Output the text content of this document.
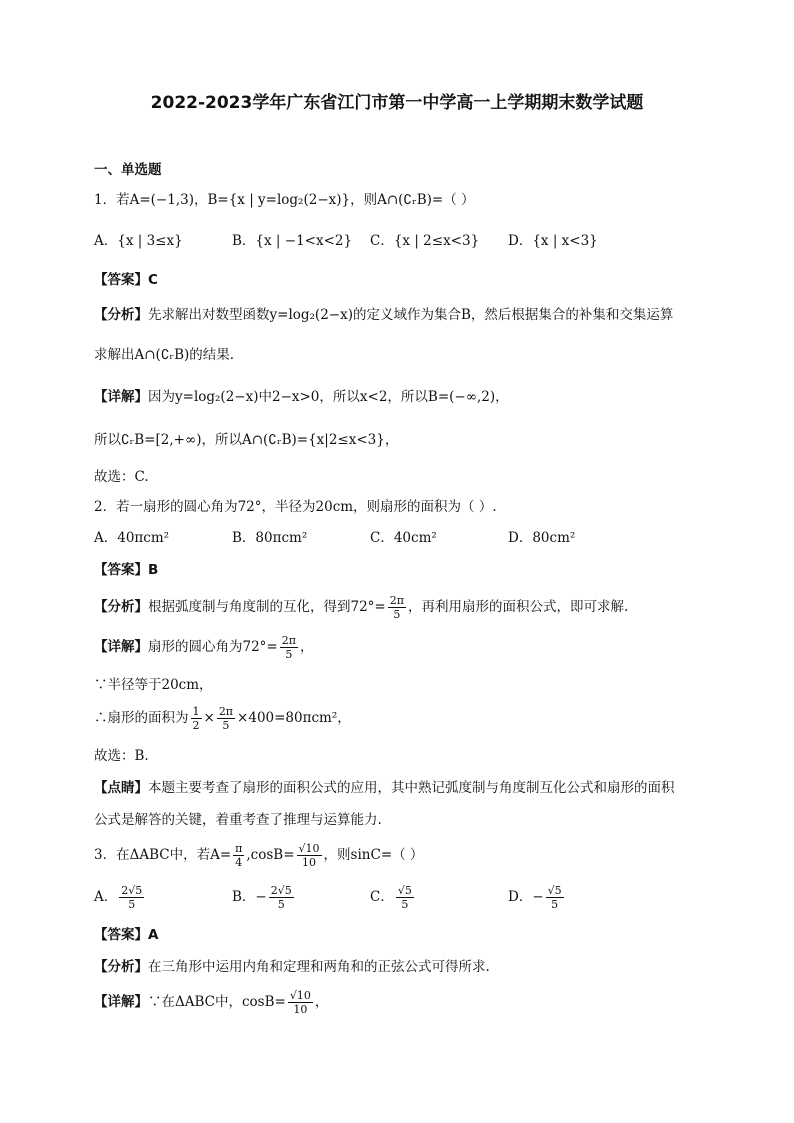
2022-2023学年广东省江门市第一中学高一上学期期末数学试题
一、单选题
1．若A=(−1,3)，B={x | y=log₂(2−x)}，则A∩(∁ᵣB)=（ ）
A．{x | 3≤x}	B．{x | −1<x<2} C．{x | 2≤x<3} D．{x | x<3}
【答案】C
【分析】先求解出对数型函数y=log₂(2−x)的定义域作为集合B，然后根据集合的补集和交集运算
求解出A∩(∁ᵣB)的结果.
【详解】因为y=log₂(2−x)中2−x>0，所以x<2，所以B=(−∞,2)，
所以∁ᵣB=[2,+∞)，所以A∩(∁ᵣB)={x|2≤x<3}，
故选：C.
2．若一扇形的圆心角为72°，半径为20cm，则扇形的面积为（ ）.
A．40πcm²	B．80πcm²	C．40cm²	D．80cm²
【答案】B
【分析】根据弧度制与角度制的互化，得到$72^\circ= \frac{2\pi}{5}$ ，再利用扇形的面积公式，即可求解.
【详解】扇形的圆心角为$72^\circ= \frac{2\pi}{5}$ ，
∵半径等于20cm，
∴扇形的面积为 $\frac{1}{2} \times \frac{2\pi}{5} \times 400=80\pi cm^2$，
故选：B.
【点睛】本题主要考查了扇形的面积公式的应用，其中熟记弧度制与角度制互化公式和扇形的面积
公式是解答的关键，着重考查了推理与运算能力.
3．在ΔABC中，若$A= \frac{\pi}{4} ,\cos B= \frac{√10}{10}$ ，则sinC=（ ）
A． $\frac{2√5}{5}$	B．− $\frac{2√5}{5}$	C． $\frac{√5}{5}$	D．− $\frac{√5}{5}$
【答案】A
【分析】在三角形中运用内角和定理和两角和的正弦公式可得所求.
【详解】∵在ΔABC中，$\cos B= \frac{√10}{10}$ ，
